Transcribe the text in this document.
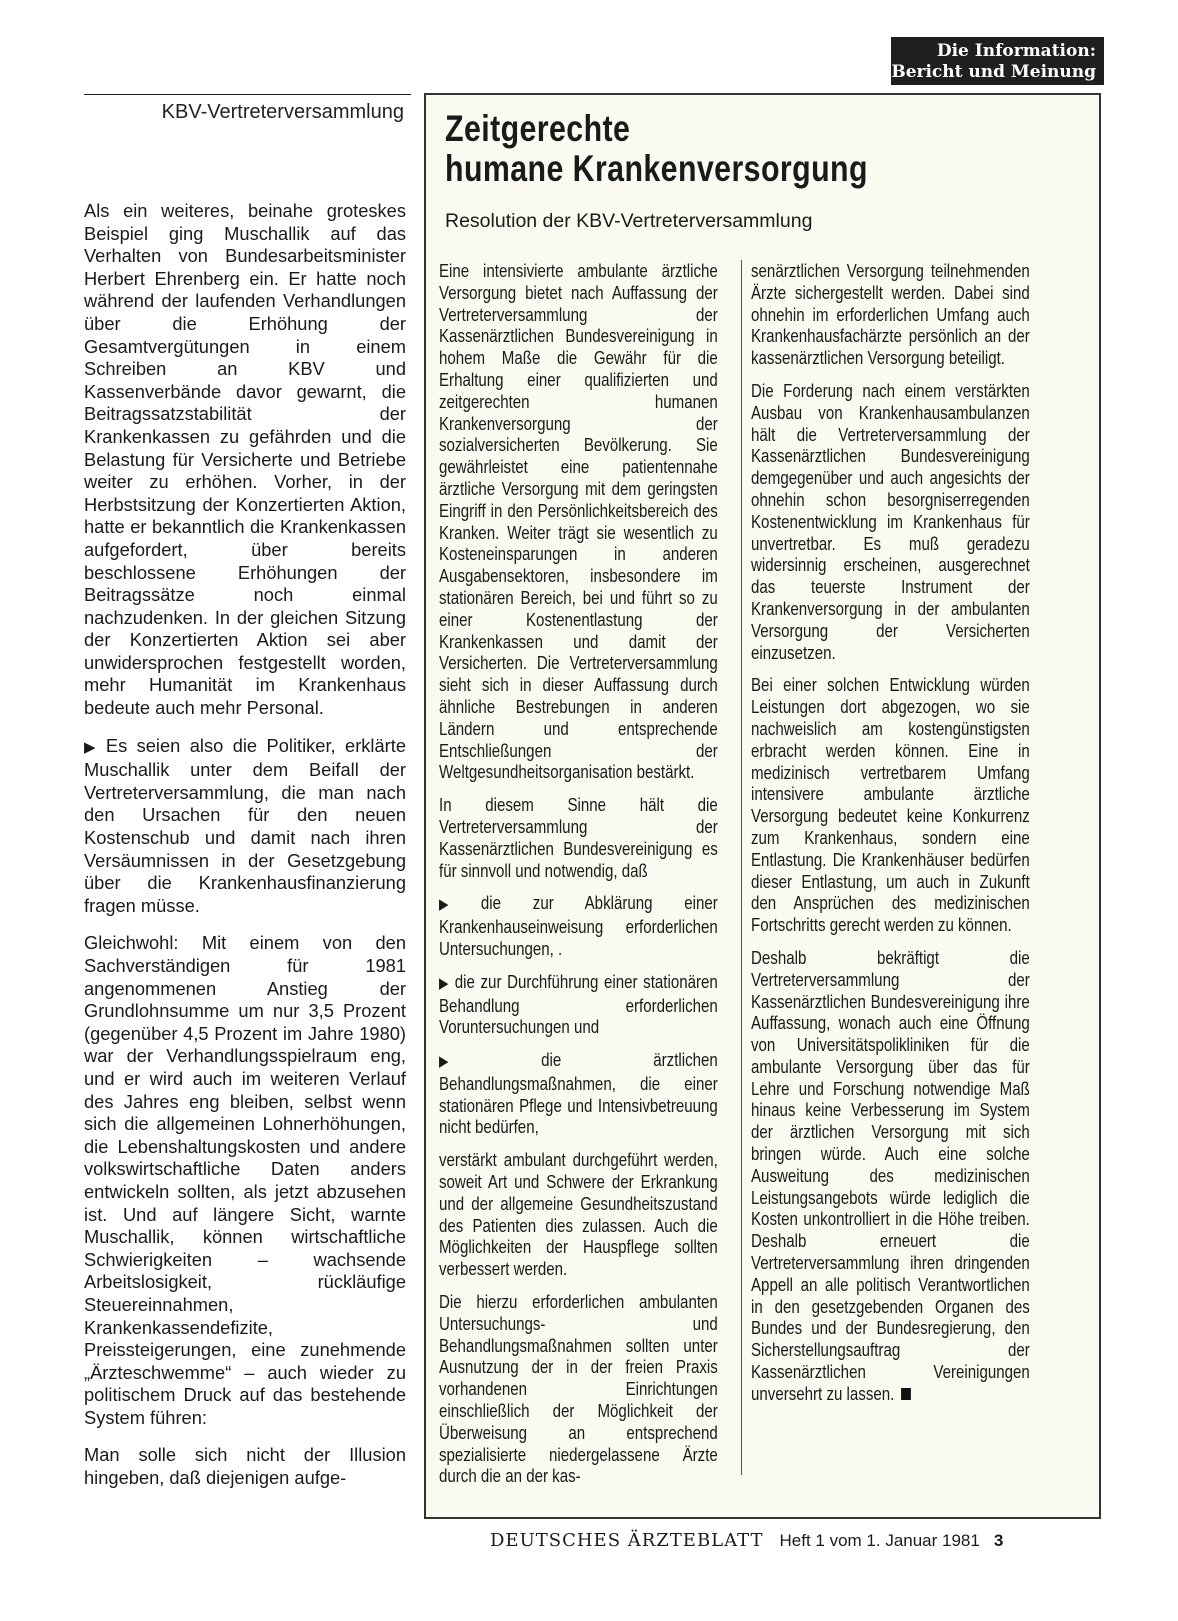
Die Information:
Bericht und Meinung
KBV-Vertreterversammlung

Als ein weiteres, beinahe groteskes Beispiel ging Muschallik auf das Verhalten von Bundesarbeitsminister Herbert Ehrenberg ein. Er hatte noch während der laufenden Verhandlungen über die Erhöhung der Gesamtvergütungen in einem Schreiben an KBV und Kassenverbände davor gewarnt, die Beitragssatzstabilität der Krankenkassen zu gefährden und die Belastung für Versicherte und Betriebe weiter zu erhöhen. Vorher, in der Herbstsitzung der Konzertierten Aktion, hatte er bekanntlich die Krankenkassen aufgefordert, über bereits beschlossene Erhöhungen der Beitragssätze noch einmal nachzudenken. In der gleichen Sitzung der Konzertierten Aktion sei aber unwidersprochen festgestellt worden, mehr Humanität im Krankenhaus bedeute auch mehr Personal.

▶ Es seien also die Politiker, erklärte Muschallik unter dem Beifall der Vertreterversammlung, die man nach den Ursachen für den neuen Kostenschub und damit nach ihren Versäumnissen in der Gesetzgebung über die Krankenhausfinanzierung fragen müsse.

Gleichwohl: Mit einem von den Sachverständigen für 1981 angenommenen Anstieg der Grundlohnsumme um nur 3,5 Prozent (gegenüber 4,5 Prozent im Jahre 1980) war der Verhandlungsspielraum eng, und er wird auch im weiteren Verlauf des Jahres eng bleiben, selbst wenn sich die allgemeinen Lohnerhöhungen, die Lebenshaltungskosten und andere volkswirtschaftliche Daten anders entwickeln sollten, als jetzt abzusehen ist. Und auf längere Sicht, warnte Muschallik, können wirtschaftliche Schwierigkeiten – wachsende Arbeitslosigkeit, rückläufige Steuereinnahmen, Krankenkassendefizite, Preissteigerungen, eine zunehmende „Ärzteschwemme“ – auch wieder zu politischem Druck auf das bestehende System führen:

Man solle sich nicht der Illusion hingeben, daß diejenigen aufge-

Zeitgerechte
humane Krankenversorgung
Resolution der KBV-Vertreterversammlung

Eine intensivierte ambulante ärztliche Versorgung bietet nach Auffassung der Vertreterversammlung der Kassenärztlichen Bundesvereinigung in hohem Maße die Gewähr für die Erhaltung einer qualifizierten und zeitgerechten humanen Krankenversorgung der sozialversicherten Bevölkerung. Sie gewährleistet eine patientennahe ärztliche Versorgung mit dem geringsten Eingriff in den Persönlichkeitsbereich des Kranken. Weiter trägt sie wesentlich zu Kosteneinsparungen in anderen Ausgabensektoren, insbesondere im stationären Bereich, bei und führt so zu einer Kostenentlastung der Krankenkassen und damit der Versicherten. Die Vertreterversammlung sieht sich in dieser Auffassung durch ähnliche Bestrebungen in anderen Ländern und entsprechende Entschließungen der Weltgesundheitsorganisation bestärkt.

In diesem Sinne hält die Vertreterversammlung der Kassenärztlichen Bundesvereinigung es für sinnvoll und notwendig, daß

▶ die zur Abklärung einer Krankenhauseinweisung erforderlichen Untersuchungen, .

▶ die zur Durchführung einer stationären Behandlung erforderlichen Voruntersuchungen und

▶ die ärztlichen Behandlungsmaßnahmen, die einer stationären Pflege und Intensivbetreuung nicht bedürfen,

verstärkt ambulant durchgeführt werden, soweit Art und Schwere der Erkrankung und der allgemeine Gesundheitszustand des Patienten dies zulassen. Auch die Möglichkeiten der Hauspflege sollten verbessert werden.

Die hierzu erforderlichen ambulanten Untersuchungs- und Behandlungsmaßnahmen sollten unter Ausnutzung der in der freien Praxis vorhandenen Einrichtungen einschließlich der Möglichkeit der Überweisung an entsprechend spezialisierte niedergelassene Ärzte durch die an der kas-

senärztlichen Versorgung teilnehmenden Ärzte sichergestellt werden. Dabei sind ohnehin im erforderlichen Umfang auch Krankenhausfachärzte persönlich an der kassenärztlichen Versorgung beteiligt.

Die Forderung nach einem verstärkten Ausbau von Krankenhausambulanzen hält die Vertreterversammlung der Kassenärztlichen Bundesvereinigung demgegenüber und auch angesichts der ohnehin schon besorgniserregenden Kostenentwicklung im Krankenhaus für unvertretbar. Es muß geradezu widersinnig erscheinen, ausgerechnet das teuerste Instrument der Krankenversorgung in der ambulanten Versorgung der Versicherten einzusetzen.

Bei einer solchen Entwicklung würden Leistungen dort abgezogen, wo sie nachweislich am kostengünstigsten erbracht werden können. Eine in medizinisch vertretbarem Umfang intensivere ambulante ärztliche Versorgung bedeutet keine Konkurrenz zum Krankenhaus, sondern eine Entlastung. Die Krankenhäuser bedürfen dieser Entlastung, um auch in Zukunft den Ansprüchen des medizinischen Fortschritts gerecht werden zu können.

Deshalb bekräftigt die Vertreterversammlung der Kassenärztlichen Bundesvereinigung ihre Auffassung, wonach auch eine Öffnung von Universitätspolikliniken für die ambulante Versorgung über das für Lehre und Forschung notwendige Maß hinaus keine Verbesserung im System der ärztlichen Versorgung mit sich bringen würde. Auch eine solche Ausweitung des medizinischen Leistungsangebots würde lediglich die Kosten unkontrolliert in die Höhe treiben. Deshalb erneuert die Vertreterversammlung ihren dringenden Appell an alle politisch Verantwortlichen in den gesetzgebenden Organen des Bundes und der Bundesregierung, den Sicherstellungsauftrag der Kassenärztlichen Vereinigungen unversehrt zu lassen.

DEUTSCHES ÄRZTEBLATT Heft 1 vom 1. Januar 1981 3
